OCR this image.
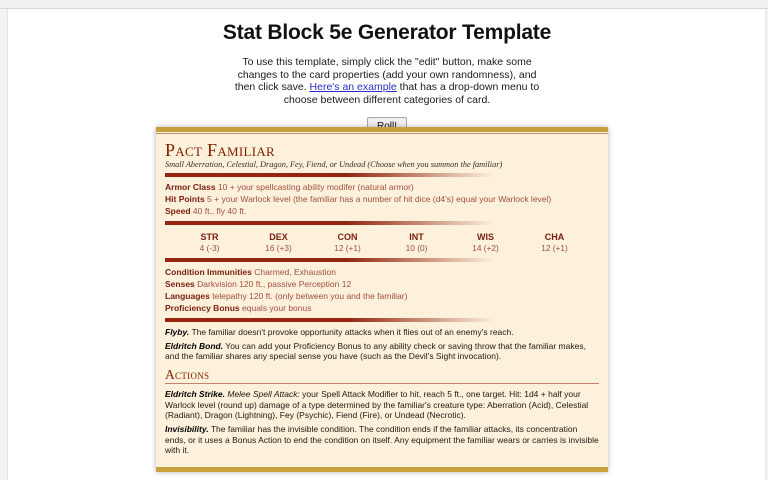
Stat Block 5e Generator Template

To use this template, simply click the "edit" button, make some changes to the card properties (add your own randomness), and then click save. Here's an example that has a drop-down menu to choose between different categories of card.

Pact Familiar
Small Aberration, Celestial, Dragon, Fey, Fiend, or Undead (Choose when you summon the familiar)
Armor Class 10 + your spellcasting ability modifer (natural armor)
Hit Points 5 + your Warlock level (the familiar has a number of hit dice (d4's) equal your Warlock level)
Speed 40 ft., fly 40 ft.
STR
4 (-3)
DEX
16 (+3)
CON
12 (+1)
INT
10 (0)
WIS
14 (+2)
CHA
12 (+1)
Condition Immunities Charmed, Exhaustion
Senses Darkvision 120 ft., passive Perception 12
Languages telepathy 120 ft. (only between you and the familiar)
Proficiency Bonus equals your bonus

Flyby. The familiar doesn't provoke opportunity attacks when it flies out of an enemy's reach.

Eldritch Bond. You can add your Proficiency Bonus to any ability check or saving throw that the familiar makes, and the familiar shares any special sense you have (such as the Devil's Sight invocation).

Actions

Eldritch Strike. Melee Spell Attack: your Spell Attack Modifier to hit, reach 5 ft., one target. Hit: 1d4 + half your Warlock level (round up) damage of a type determined by the familiar's creature type: Aberration (Acid), Celestial (Radiant), Dragon (Lightning), Fey (Psychic), Fiend (Fire), or Undead (Necrotic).

Invisibility. The familiar has the invisible condition. The condition ends if the familiar attacks, its concentration ends, or it uses a Bonus Action to end the condition on itself. Any equipment the familiar wears or carries is invisible with it.
